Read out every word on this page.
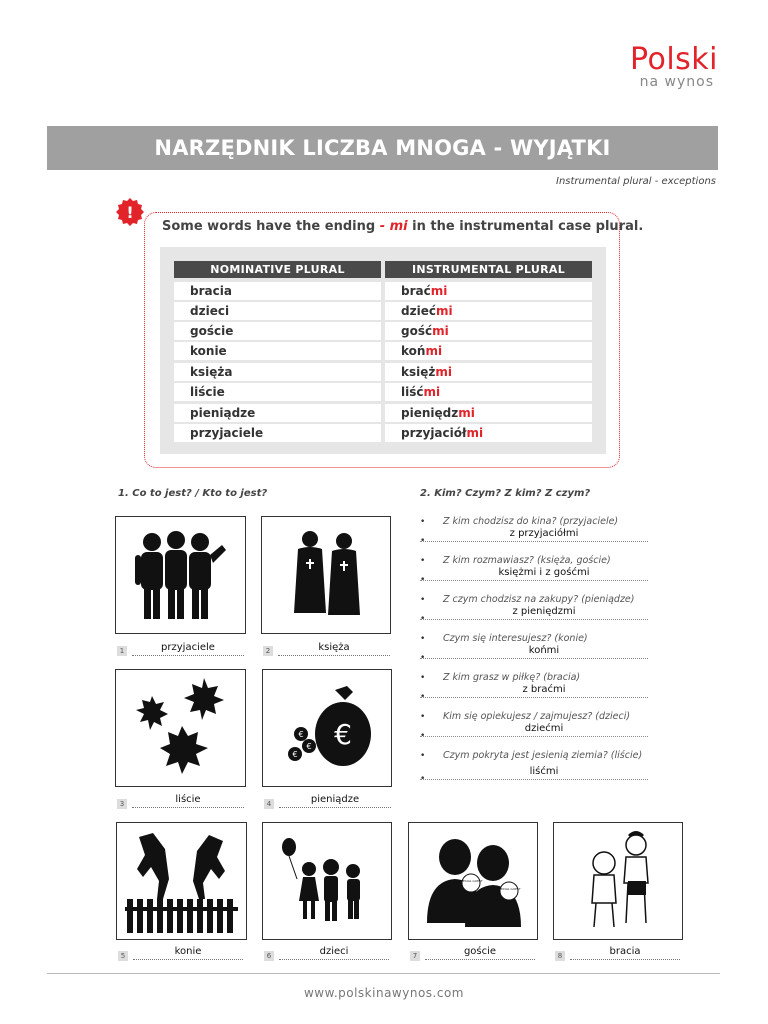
Polski
na wynos
NARZĘDNIK LICZBA MNOGA - WYJĄTKI
Instrumental plural - exceptions
!
Some words have the ending - mi in the instrumental case plural.
NOMINATIVE PLURAL	INSTRUMENTAL PLURAL
bracia	braćmi
dzieci	dziećmi
goście	gośćmi
konie	końmi
księża	księżmi
liście	liśćmi
pieniądze	pieniędzmi
przyjaciele	przyjaciółmi
1. Co to jest? / Kto to jest?
1	przyjaciele	2	księża
3	liście
€
€
€
€
4	pieniądze
5	konie	6	dzieci
SPECIAL GUEST
SPECIAL GUEST
7	goście	8	bracia
2. Kim? Czym? Z kim? Z czym?
•	Z kim chodzisz do kina? (przyjaciele)
•
z przyjaciółmi
•	Z kim rozmawiasz? (księża, goście)
•
księżmi i z gośćmi
•	Z czym chodzisz na zakupy? (pieniądze)
•
z pieniędzmi
•	Czym się interesujesz? (konie)
•
końmi
•	Z kim grasz w piłkę? (bracia)
•
z braćmi
•	Kim się opiekujesz / zajmujesz? (dzieci)
•
dziećmi
•	Czym pokryta jest jesienią ziemia? (liście)
•
liśćmi
www.polskinawynos.com
